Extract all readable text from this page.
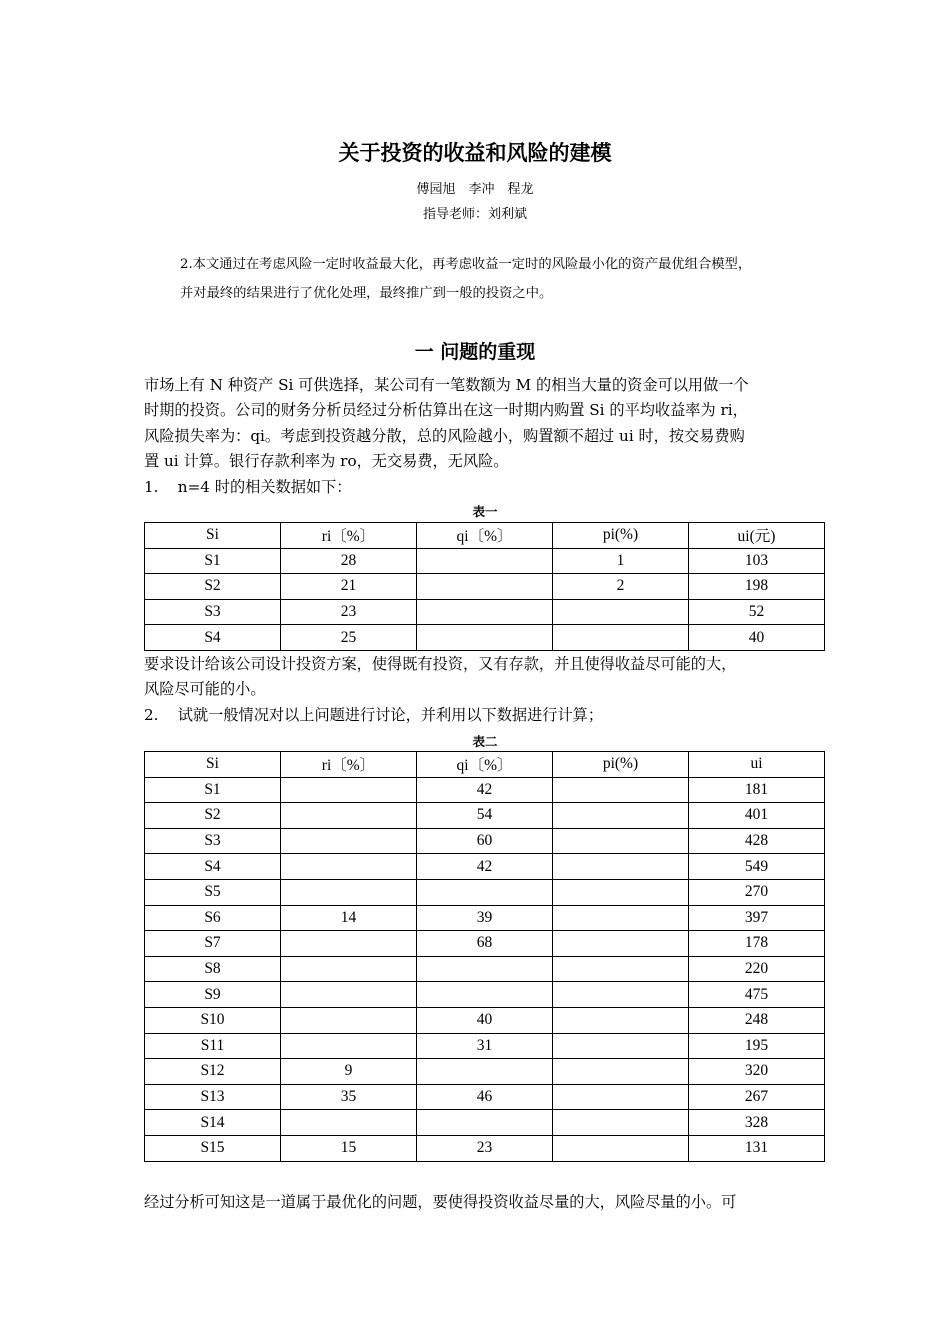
关于投资的收益和风险的建模
傅园旭　李冲　程龙
指导老师：刘利斌
2.本文通过在考虑风险一定时收益最大化，再考虑收益一定时的风险最小化的资产最优组合模型，
并对最终的结果进行了优化处理，最终推广到一般的投资之中。
一 问题的重现
市场上有 N 种资产 Si 可供选择，某公司有一笔数额为 M 的相当大量的资金可以用做一个
时期的投资。公司的财务分析员经过分析估算出在这一时期内购置 Si 的平均收益率为 ri，
风险损失率为：qi。考虑到投资越分散，总的风险越小，购置额不超过 ui 时，按交易费购
置 ui 计算。银行存款利率为 ro，无交易费，无风险。
1.    n=4 时的相关数据如下：
表一
Si	ri〔%〕	qi〔%〕	pi(%)	ui(元)
S1	28		1	103
S2	21		2	198
S3	23			52
S4	25			40
要求设计给该公司设计投资方案，使得既有投资，又有存款，并且使得收益尽可能的大，
风险尽可能的小。
2.    试就一般情况对以上问题进行讨论，并利用以下数据进行计算；
表二
Si	ri〔%〕	qi〔%〕	pi(%)	ui
S1		42		181
S2		54		401
S3		60		428
S4		42		549
S5				270
S6	14	39		397
S7		68		178
S8				220
S9				475
S10		40		248
S11		31		195
S12	9			320
S13	35	46		267
S14				328
S15	15	23		131
经过分析可知这是一道属于最优化的问题，要使得投资收益尽量的大，风险尽量的小。可
